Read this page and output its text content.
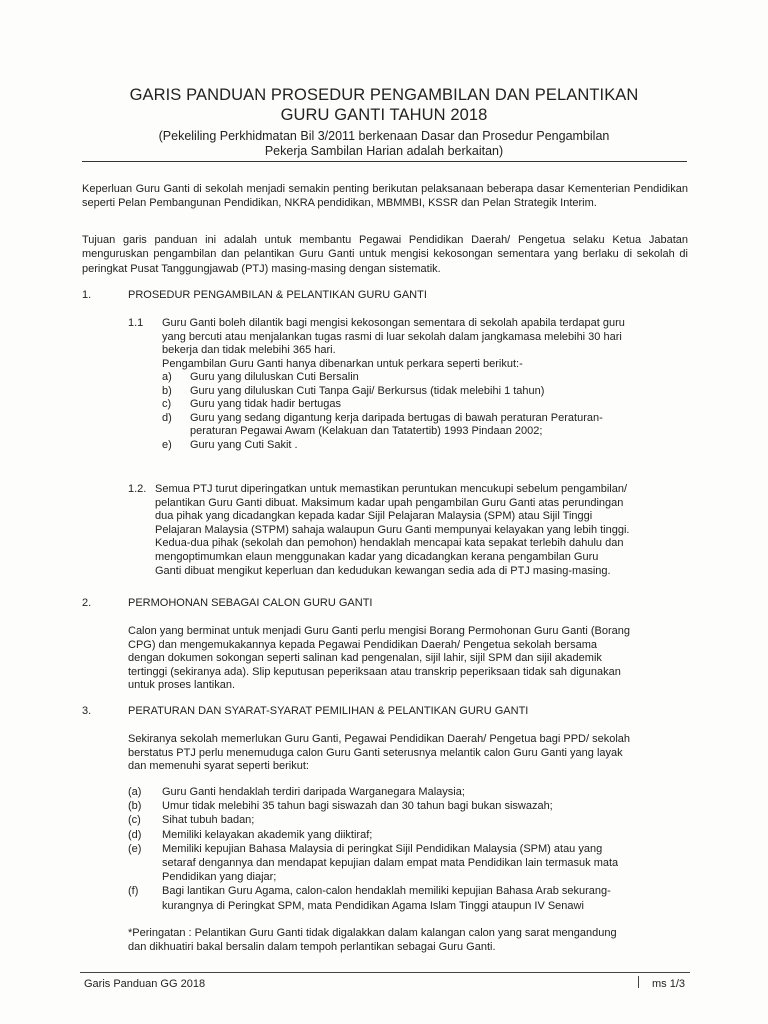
GARIS PANDUAN PROSEDUR PENGAMBILAN DAN PELANTIKAN
GURU GANTI TAHUN 2018
(Pekeliling Perkhidmatan Bil 3/2011 berkenaan Dasar dan Prosedur Pengambilan
Pekerja Sambilan Harian adalah berkaitan)
Keperluan Guru Ganti di sekolah menjadi semakin penting berikutan pelaksanaan beberapa dasar Kementerian Pendidikan seperti Pelan Pembangunan Pendidikan, NKRA pendidikan, MBMMBI, KSSR dan Pelan Strategik Interim.
Tujuan garis panduan ini adalah untuk membantu Pegawai Pendidikan Daerah/ Pengetua selaku Ketua Jabatan menguruskan pengambilan dan pelantikan Guru Ganti untuk mengisi kekosongan sementara yang berlaku di sekolah di peringkat Pusat Tanggungjawab (PTJ) masing-masing dengan sistematik.
1.	PROSEDUR PENGAMBILAN & PELANTIKAN GURU GANTI
1.1 Guru Ganti boleh dilantik bagi mengisi kekosongan sementara di sekolah apabila terdapat guru
yang bercuti atau menjalankan tugas rasmi di luar sekolah dalam jangkamasa melebihi 30 hari
bekerja dan tidak melebihi 365 hari.
Pengambilan Guru Ganti hanya dibenarkan untuk perkara seperti berikut:-
a) Guru yang diluluskan Cuti Bersalin
b) Guru yang diluluskan Cuti Tanpa Gaji/ Berkursus (tidak melebihi 1 tahun)
c) Guru yang tidak hadir bertugas
d) Guru yang sedang digantung kerja daripada bertugas di bawah peraturan Peraturan-
peraturan Pegawai Awam (Kelakuan dan Tatatertib) 1993 Pindaan 2002;
e) Guru yang Cuti Sakit .
1.2. Semua PTJ turut diperingatkan untuk memastikan peruntukan mencukupi sebelum pengambilan/
pelantikan Guru Ganti dibuat. Maksimum kadar upah pengambilan Guru Ganti atas perundingan
dua pihak yang dicadangkan kepada kadar Sijil Pelajaran Malaysia (SPM) atau Sijil Tinggi
Pelajaran Malaysia (STPM) sahaja walaupun Guru Ganti mempunyai kelayakan yang lebih tinggi.
Kedua-dua pihak (sekolah dan pemohon) hendaklah mencapai kata sepakat terlebih dahulu dan
mengoptimumkan elaun menggunakan kadar yang dicadangkan kerana pengambilan Guru
Ganti dibuat mengikut keperluan dan kedudukan kewangan sedia ada di PTJ masing-masing.
2.	PERMOHONAN SEBAGAI CALON GURU GANTI
Calon yang berminat untuk menjadi Guru Ganti perlu mengisi Borang Permohonan Guru Ganti (Borang
CPG) dan mengemukakannya kepada Pegawai Pendidikan Daerah/ Pengetua sekolah bersama
dengan dokumen sokongan seperti salinan kad pengenalan, sijil lahir, sijil SPM dan sijil akademik
tertinggi (sekiranya ada). Slip keputusan peperiksaan atau transkrip peperiksaan tidak sah digunakan
untuk proses lantikan.
3.	PERATURAN DAN SYARAT-SYARAT PEMILIHAN & PELANTIKAN GURU GANTI
Sekiranya sekolah memerlukan Guru Ganti, Pegawai Pendidikan Daerah/ Pengetua bagi PPD/ sekolah
berstatus PTJ perlu menemuduga calon Guru Ganti seterusnya melantik calon Guru Ganti yang layak
dan memenuhi syarat seperti berikut:
(a) Guru Ganti hendaklah terdiri daripada Warganegara Malaysia;
(b) Umur tidak melebihi 35 tahun bagi siswazah dan 30 tahun bagi bukan siswazah;
(c) Sihat tubuh badan;
(d) Memiliki kelayakan akademik yang diiktiraf;
(e) Memiliki kepujian Bahasa Malaysia di peringkat Sijil Pendidikan Malaysia (SPM) atau yang
setaraf dengannya dan mendapat kepujian dalam empat mata Pendidikan lain termasuk mata
Pendidikan yang diajar;
(f) Bagi lantikan Guru Agama, calon-calon hendaklah memiliki kepujian Bahasa Arab sekurang-
kurangnya di Peringkat SPM, mata Pendidikan Agama Islam Tinggi ataupun IV Senawi
*Peringatan : Pelantikan Guru Ganti tidak digalakkan dalam kalangan calon yang sarat mengandung
dan dikhuatiri bakal bersalin dalam tempoh perlantikan sebagai Guru Ganti.
Garis Panduan GG 2018	ms 1/3
